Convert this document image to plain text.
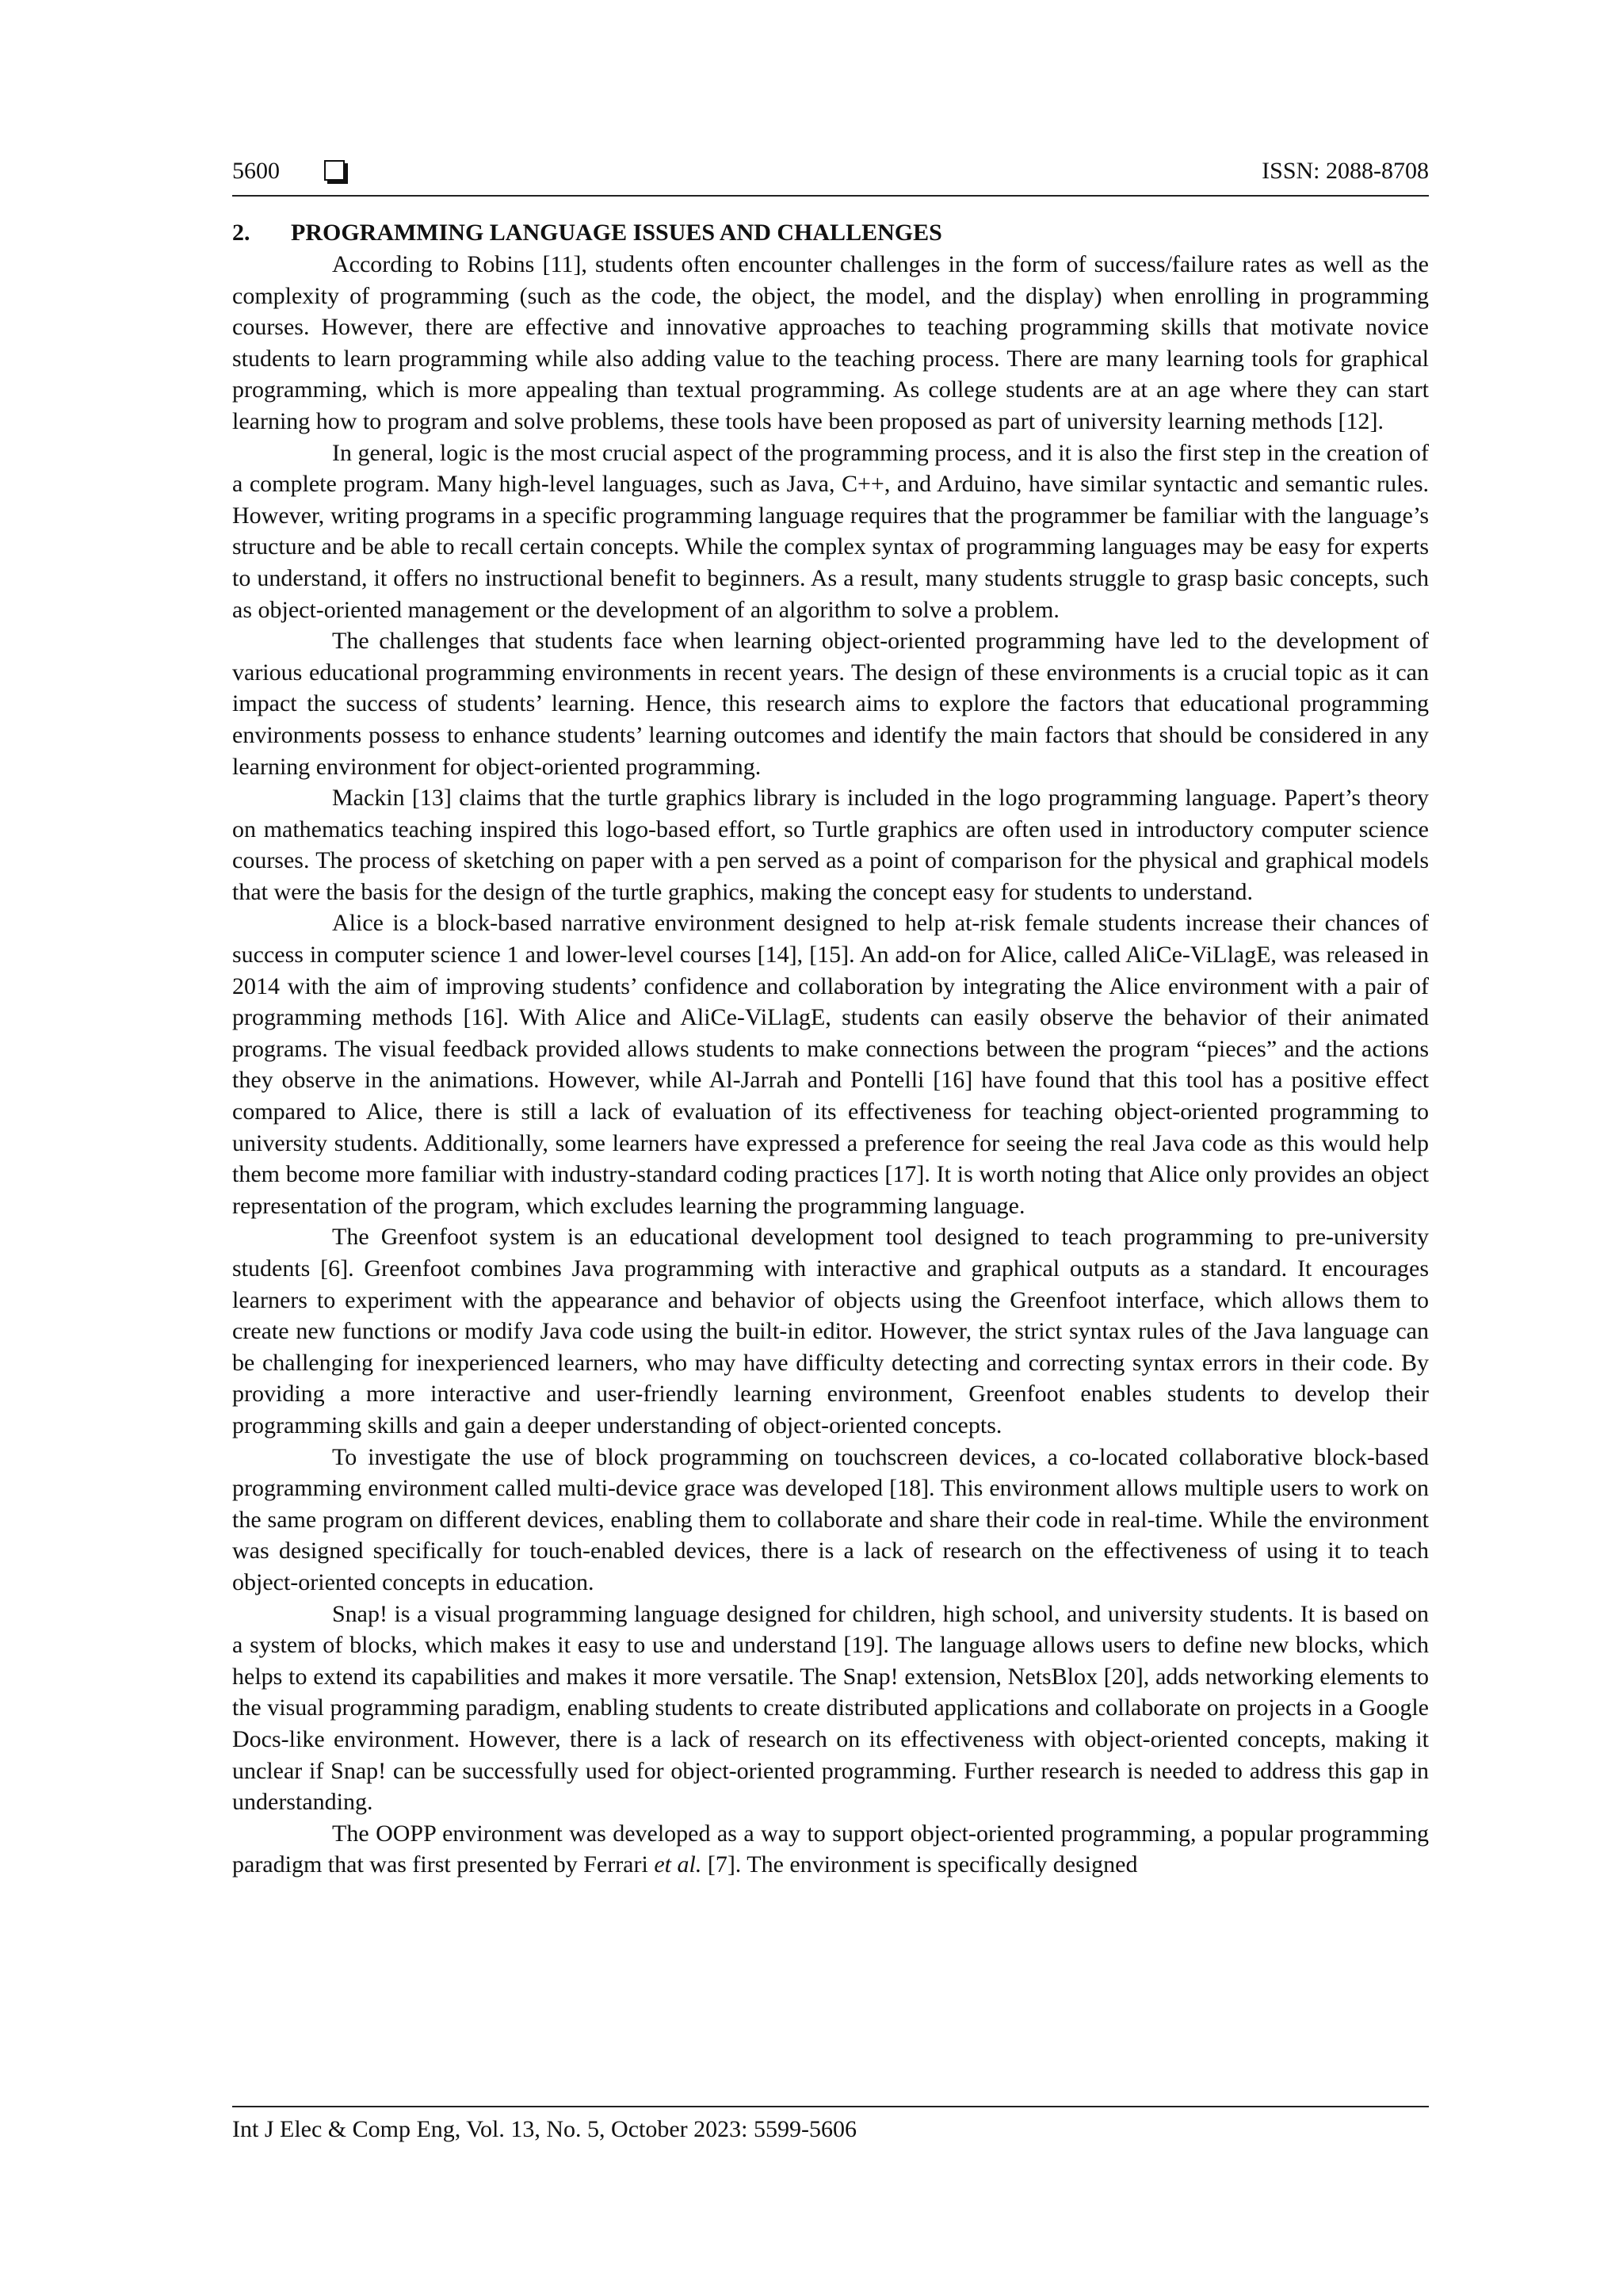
5600	ISSN: 2088-8708
2.	PROGRAMMING LANGUAGE ISSUES AND CHALLENGES

According to Robins [11], students often encounter challenges in the form of success/failure rates as well as the complexity of programming (such as the code, the object, the model, and the display) when enrolling in programming courses. However, there are effective and innovative approaches to teaching programming skills that motivate novice students to learn programming while also adding value to the teaching process. There are many learning tools for graphical programming, which is more appealing than textual programming. As college students are at an age where they can start learning how to program and solve problems, these tools have been proposed as part of university learning methods [12].

In general, logic is the most crucial aspect of the programming process, and it is also the first step in the creation of a complete program. Many high-level languages, such as Java, C++, and Arduino, have similar syntactic and semantic rules. However, writing programs in a specific programming language requires that the programmer be familiar with the language’s structure and be able to recall certain concepts. While the complex syntax of programming languages may be easy for experts to understand, it offers no instructional benefit to beginners. As a result, many students struggle to grasp basic concepts, such as object-oriented management or the development of an algorithm to solve a problem.

The challenges that students face when learning object-oriented programming have led to the development of various educational programming environments in recent years. The design of these environments is a crucial topic as it can impact the success of students’ learning. Hence, this research aims to explore the factors that educational programming environments possess to enhance students’ learning outcomes and identify the main factors that should be considered in any learning environment for object-oriented programming.

Mackin [13] claims that the turtle graphics library is included in the logo programming language. Papert’s theory on mathematics teaching inspired this logo-based effort, so Turtle graphics are often used in introductory computer science courses. The process of sketching on paper with a pen served as a point of comparison for the physical and graphical models that were the basis for the design of the turtle graphics, making the concept easy for students to understand.

Alice is a block-based narrative environment designed to help at-risk female students increase their chances of success in computer science 1 and lower-level courses [14], [15]. An add-on for Alice, called AliCe-ViLlagE, was released in 2014 with the aim of improving students’ confidence and collaboration by integrating the Alice environment with a pair of programming methods [16]. With Alice and AliCe-ViLlagE, students can easily observe the behavior of their animated programs. The visual feedback provided allows students to make connections between the program “pieces” and the actions they observe in the animations. However, while Al-Jarrah and Pontelli [16] have found that this tool has a positive effect compared to Alice, there is still a lack of evaluation of its effectiveness for teaching object-oriented programming to university students. Additionally, some learners have expressed a preference for seeing the real Java code as this would help them become more familiar with industry-standard coding practices [17]. It is worth noting that Alice only provides an object representation of the program, which excludes learning the programming language.

The Greenfoot system is an educational development tool designed to teach programming to pre-university students [6]. Greenfoot combines Java programming with interactive and graphical outputs as a standard. It encourages learners to experiment with the appearance and behavior of objects using the Greenfoot interface, which allows them to create new functions or modify Java code using the built-in editor. However, the strict syntax rules of the Java language can be challenging for inexperienced learners, who may have difficulty detecting and correcting syntax errors in their code. By providing a more interactive and user-friendly learning environment, Greenfoot enables students to develop their programming skills and gain a deeper understanding of object-oriented concepts.

To investigate the use of block programming on touchscreen devices, a co-located collaborative block-based programming environment called multi-device grace was developed [18]. This environment allows multiple users to work on the same program on different devices, enabling them to collaborate and share their code in real-time. While the environment was designed specifically for touch-enabled devices, there is a lack of research on the effectiveness of using it to teach object-oriented concepts in education.

Snap! is a visual programming language designed for children, high school, and university students. It is based on a system of blocks, which makes it easy to use and understand [19]. The language allows users to define new blocks, which helps to extend its capabilities and makes it more versatile. The Snap! extension, NetsBlox [20], adds networking elements to the visual programming paradigm, enabling students to create distributed applications and collaborate on projects in a Google Docs-like environment. However, there is a lack of research on its effectiveness with object-oriented concepts, making it unclear if Snap! can be successfully used for object-oriented programming. Further research is needed to address this gap in understanding.

The OOPP environment was developed as a way to support object-oriented programming, a popular programming paradigm that was first presented by Ferrari et al. [7]. The environment is specifically designed

Int J Elec & Comp Eng, Vol. 13, No. 5, October 2023: 5599-5606
